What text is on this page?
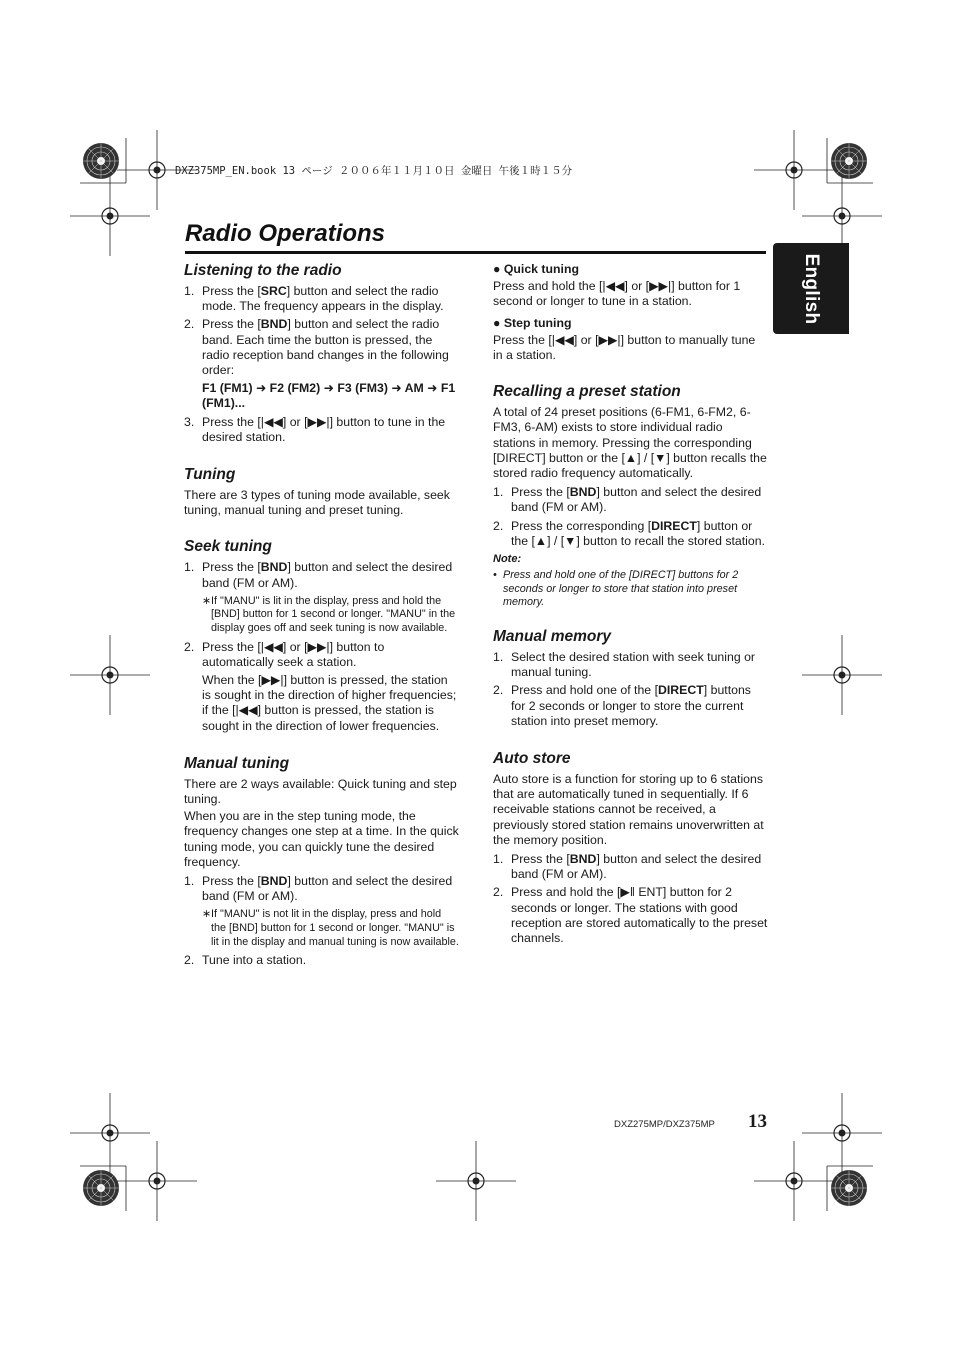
DXZ375MP_EN.book 13 ページ ２００６年１１月１０日 金曜日 午後１時１５分
Radio Operations
English
Listening to the radio
1. Press the [SRC] button and select the radio mode. The frequency appears in the display.
2. Press the [BND] button and select the radio band. Each time the button is pressed, the radio reception band changes in the following order:
F1 (FM1) ➜ F2 (FM2) ➜ F3 (FM3) ➜ AM ➜ F1 (FM1)...
3. Press the [|◀◀] or [▶▶|] button to tune in the desired station.
Tuning

There are 3 types of tuning mode available, seek tuning, manual tuning and preset tuning.

Seek tuning
1. Press the [BND] button and select the desired band (FM or AM).
∗ If "MANU" is lit in the display, press and hold the [BND] button for 1 second or longer. "MANU" in the display goes off and seek tuning is now available.
2. Press the [|◀◀] or [▶▶|] button to automatically seek a station.
When the [▶▶|] button is pressed, the station is sought in the direction of higher frequencies; if the [|◀◀] button is pressed, the station is sought in the direction of lower frequencies.
Manual tuning

There are 2 ways available: Quick tuning and step tuning.

When you are in the step tuning mode, the frequency changes one step at a time. In the quick tuning mode, you can quickly tune the desired frequency.

1. Press the [BND] button and select the desired band (FM or AM).
∗ If "MANU" is not lit in the display, press and hold the [BND] button for 1 second or longer. "MANU" is lit in the display and manual tuning is now available.
2. Tune into a station.
● Quick tuning

Press and hold the [|◀◀] or [▶▶|] button for 1 second or longer to tune in a station.

● Step tuning

Press the [|◀◀] or [▶▶|] button to manually tune in a station.

Recalling a preset station

A total of 24 preset positions (6-FM1, 6-FM2, 6-FM3, 6-AM) exists to store individual radio stations in memory. Pressing the corresponding [DIRECT] button or the [▲] / [▼] button recalls the stored radio frequency automatically.

1. Press the [BND] button and select the desired band (FM or AM).
2. Press the corresponding [DIRECT] button or the [▲] / [▼] button to recall the stored station.
Note:
• Press and hold one of the [DIRECT] buttons for 2 seconds or longer to store that station into preset memory.
Manual memory
1. Select the desired station with seek tuning or manual tuning.
2. Press and hold one of the [DIRECT] buttons for 2 seconds or longer to store the current station into preset memory.
Auto store

Auto store is a function for storing up to 6 stations that are automatically tuned in sequentially. If 6 receivable stations cannot be received, a previously stored station remains unoverwritten at the memory position.

1. Press the [BND] button and select the desired band (FM or AM).
2. Press and hold the [▶‖ ENT] button for 2 seconds or longer. The stations with good reception are stored automatically to the preset channels.
DXZ275MP/DXZ375MP 13
